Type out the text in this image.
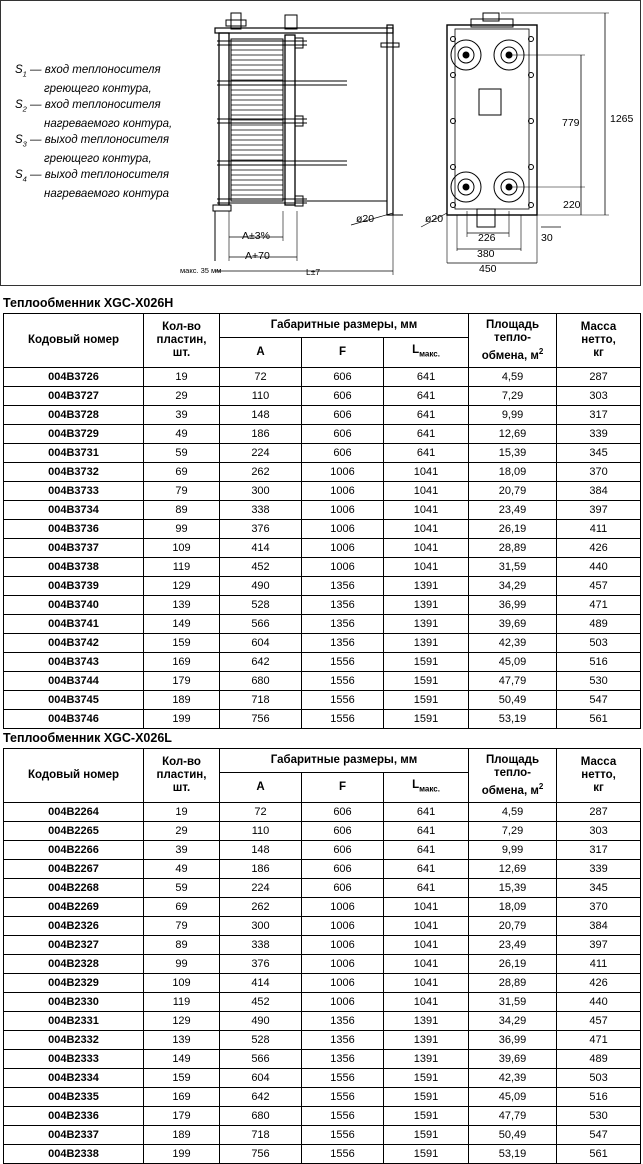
$S_1$ — вход теплоносителя
греющего контура,
$S_2$ — вход теплоносителя
нагреваемого контура,
$S_3$ — выход теплоносителя
греющего контура,
$S_4$ — выход теплоносителя
нагреваемого контура
A±3%
A+70
макс. 35 мм	L±7
ø20	ø20
779	1265
220
226	30
380
450
Теплообменник XGC-X026H
Кодовый номер	Кол-во
пластин,
шт.	Габаритные размеры, мм			Площадь
тепло-
обмена, $м^2$	Масса
нетто,
кг
		A	F	$L_{макс.}$
004B3726	19	72	606	641	4,59	287
004B3727	29	110	606	641	7,29	303
004B3728	39	148	606	641	9,99	317
004B3729	49	186	606	641	12,69	339
004B3731	59	224	606	641	15,39	345
004B3732	69	262	1006	1041	18,09	370
004B3733	79	300	1006	1041	20,79	384
004B3734	89	338	1006	1041	23,49	397
004B3736	99	376	1006	1041	26,19	411
004B3737	109	414	1006	1041	28,89	426
004B3738	119	452	1006	1041	31,59	440
004B3739	129	490	1356	1391	34,29	457
004B3740	139	528	1356	1391	36,99	471
004B3741	149	566	1356	1391	39,69	489
004B3742	159	604	1356	1391	42,39	503
004B3743	169	642	1556	1591	45,09	516
004B3744	179	680	1556	1591	47,79	530
004B3745	189	718	1556	1591	50,49	547
004B3746	199	756	1556	1591	53,19	561
Теплообменник XGC-X026L
Кодовый номер	Кол-во
пластин,
шт.	Габаритные размеры, мм			Площадь
тепло-
обмена, $м^2$	Масса
нетто,
кг
		A	F	$L_{макс.}$
004B2264	19	72	606	641	4,59	287
004B2265	29	110	606	641	7,29	303
004B2266	39	148	606	641	9,99	317
004B2267	49	186	606	641	12,69	339
004B2268	59	224	606	641	15,39	345
004B2269	69	262	1006	1041	18,09	370
004B2326	79	300	1006	1041	20,79	384
004B2327	89	338	1006	1041	23,49	397
004B2328	99	376	1006	1041	26,19	411
004B2329	109	414	1006	1041	28,89	426
004B2330	119	452	1006	1041	31,59	440
004B2331	129	490	1356	1391	34,29	457
004B2332	139	528	1356	1391	36,99	471
004B2333	149	566	1356	1391	39,69	489
004B2334	159	604	1556	1591	42,39	503
004B2335	169	642	1556	1591	45,09	516
004B2336	179	680	1556	1591	47,79	530
004B2337	189	718	1556	1591	50,49	547
004B2338	199	756	1556	1591	53,19	561
